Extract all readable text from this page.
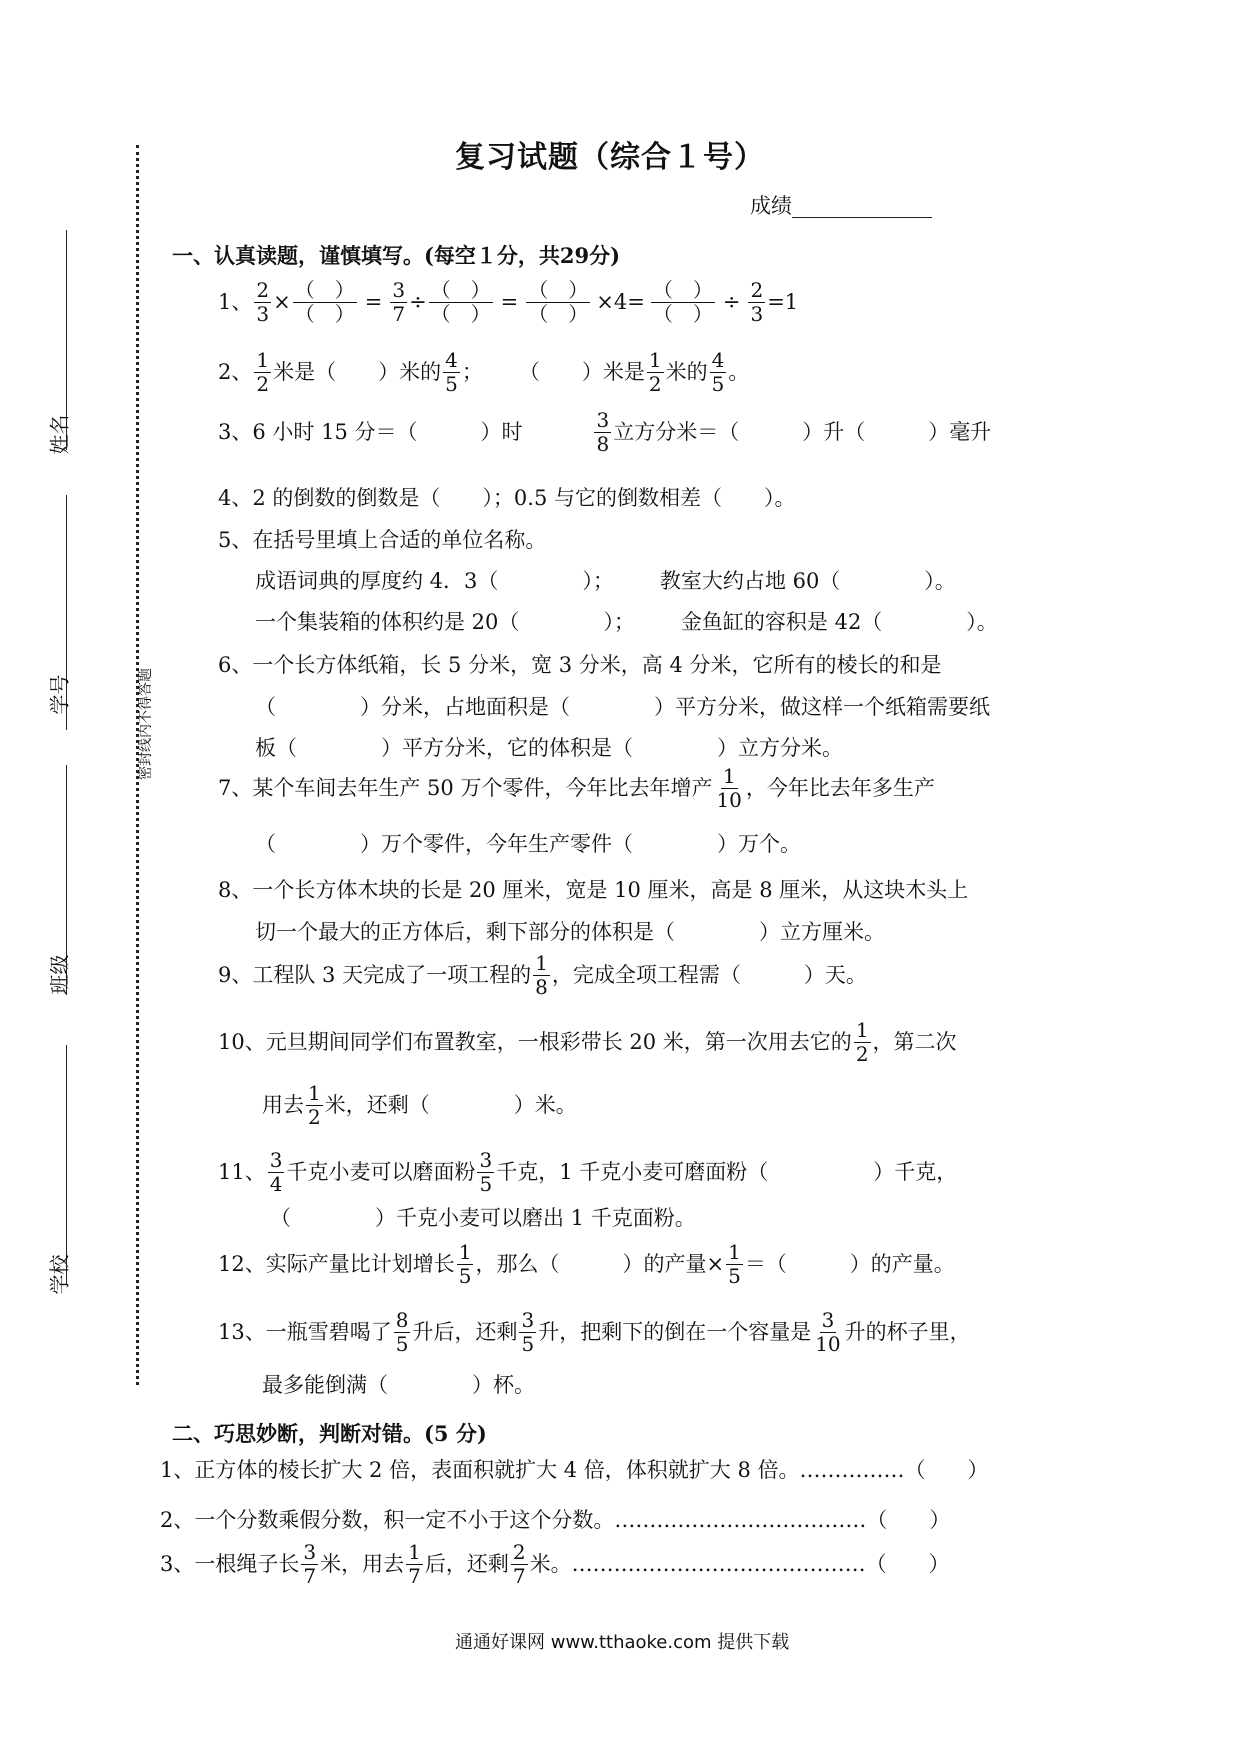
复习试题（综合１号）
成绩
密封线内不得答题
姓名
学号
班级
学校
一、认真读题，谨慎填写。(每空１分，共29分)
1、 $\frac{2}{3} \times \frac{( )}{( )} = \frac{3}{7} \div \frac{( )}{( )} = \frac{( )}{( )} \times 4= \frac{( )}{( )} \div \frac{2}{3} =1$
2、 $\frac{1}{2}$ 米是（　　）米的 $\frac{4}{5}$ ； （　　）米是 $\frac{1}{2}$ 米的 $\frac{4}{5}$ 。
3、 6 小时 15 分＝（　　　）时	$\frac{3}{8}$ 立方分米＝（　　　）升（　　　）毫升
4、2 的倒数的倒数是（　　）；0.5 与它的倒数相差（　　）。
5、在括号里填上合适的单位名称。
成语词典的厚度约 4．3（　　　　）； 教室大约占地 60（　　　　）。
一个集装箱的体积约是 20（　　　　）； 金鱼缸的容积是 42（　　　　）。
6、一个长方体纸箱，长 5 分米，宽 3 分米，高 4 分米，它所有的棱长的和是
（　　　　）分米，占地面积是（　　　　）平方分米，做这样一个纸箱需要纸
板（　　　　）平方分米，它的体积是（　　　　）立方分米。
7、 某个车间去年生产 50 万个零件，今年比去年增产 $\frac{1}{10}$ ，今年比去年多生产
（　　　　）万个零件，今年生产零件（　　　　）万个。
8、一个长方体木块的长是 20 厘米，宽是 10 厘米，高是 8 厘米，从这块木头上
切一个最大的正方体后，剩下部分的体积是（　　　　）立方厘米。
9、 工程队 3 天完成了一项工程的 $\frac{1}{8}$ ，完成全项工程需（　　　）天。
10、 元旦期间同学们布置教室，一根彩带长 20 米，第一次用去它的 $\frac{1}{2}$ ，第二次
用去 $\frac{1}{2}$ 米，还剩（　　　　）米。
11、 $\frac{3}{4}$ 千克小麦可以磨面粉 $\frac{3}{5}$ 千克，1 千克小麦可磨面粉（　　　　　）千克，
（　　　　）千克小麦可以磨出 1 千克面粉。
12、 实际产量比计划增长 $\frac{1}{5}$ ，那么（　　　）的产量× $\frac{1}{5}$ ＝（　　　）的产量。
13、 一瓶雪碧喝了 $\frac{8}{5}$ 升后，还剩 $\frac{3}{5}$ 升，把剩下的倒在一个容量是 $\frac{3}{10}$ 升的杯子里，
最多能倒满（　　　　）杯。
二、巧思妙断，判断对错。(5 分)
1、正方体的棱长扩大 2 倍，表面积就扩大 4 倍，体积就扩大 8 倍。……………（　　）
2、一个分数乘假分数，积一定不小于这个分数。………………………………（　　）
3、一根绳子长 $\frac{3}{7}$ 米，用去 $\frac{1}{7}$ 后，还剩 $\frac{2}{7}$ 米。…………………………………… （　　）
通通好课网 www.tthaoke.com 提供下载
